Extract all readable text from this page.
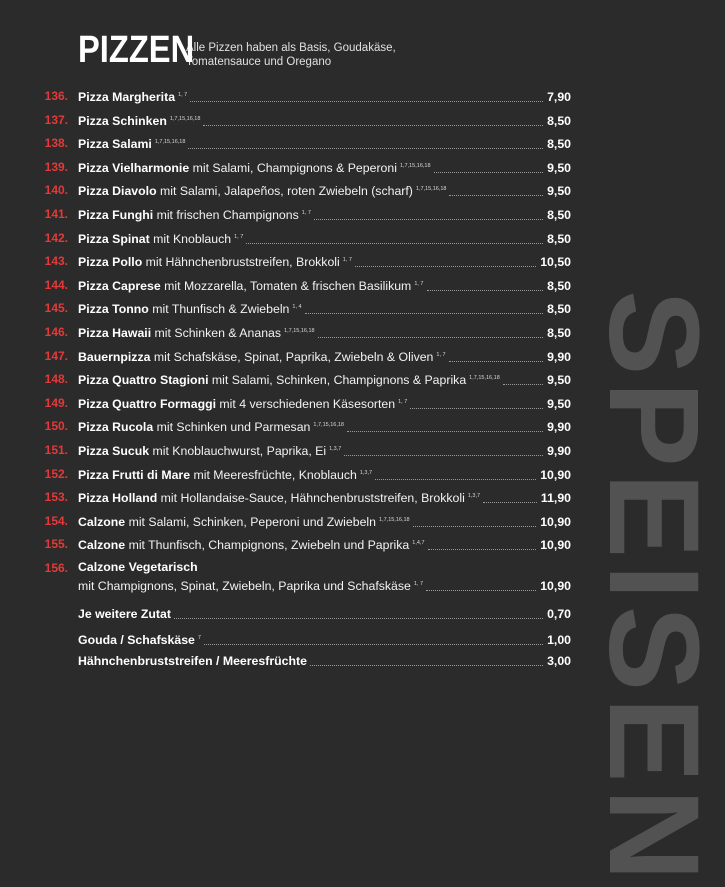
PIZZEN
Alle Pizzen haben als Basis, Goudakäse,
Tomatensauce und Oregano
SPEISEN
136. Pizza Margherita $^{1, 7}$	7,90
137. Pizza Schinken $^{1,7,15,16,18}$	8,50
138. Pizza Salami $^{1,7,15,16,18}$	8,50
139. Pizza Vielharmonie mit Salami, Champignons & Peperoni $^{1,7,15,16,18}$	9,50
140. Pizza Diavolo mit Salami, Jalapeños, roten Zwiebeln (scharf) $^{1,7,15,16,18}$	9,50
141. Pizza Funghi mit frischen Champignons $^{1, 7}$	8,50
142. Pizza Spinat mit Knoblauch $^{1, 7}$	8,50
143. Pizza Pollo mit Hähnchenbruststreifen, Brokkoli $^{1, 7}$	10,50
144. Pizza Caprese mit Mozzarella, Tomaten & frischen Basilikum $^{1, 7}$	8,50
145. Pizza Tonno mit Thunfisch & Zwiebeln $^{1, 4}$	8,50
146. Pizza Hawaii mit Schinken & Ananas $^{1,7,15,16,18}$	8,50
147. Bauernpizza mit Schafskäse, Spinat, Paprika, Zwiebeln & Oliven $^{1, 7}$	9,90
148. Pizza Quattro Stagioni mit Salami, Schinken, Champignons & Paprika $^{1,7,15,16,18}$	9,50
149. Pizza Quattro Formaggi mit 4 verschiedenen Käsesorten $^{1, 7}$	9,50
150. Pizza Rucola mit Schinken und Parmesan $^{1,7,15,16,18}$	9,90
151. Pizza Sucuk mit Knoblauchwurst, Paprika, Ei $^{1,3,7}$	9,90
152. Pizza Frutti di Mare mit Meeresfrüchte, Knoblauch $^{1,3,7}$	10,90
153. Pizza Holland mit Hollandaise-Sauce, Hähnchenbruststreifen, Brokkoli $^{1,3,7}$	11,90
154. Calzone mit Salami, Schinken, Peperoni und Zwiebeln $^{1,7,15,16,18}$	10,90
155. Calzone mit Thunfisch, Champignons, Zwiebeln und Paprika $^{1,4,7}$	10,90
156. Calzone Vegetarisch
mit Champignons, Spinat, Zwiebeln, Paprika und Schafskäse $^{1, 7}$	10,90
Je weitere Zutat	0,70
Gouda / Schafskäse $^7$	1,00
Hähnchenbruststreifen / Meeresfrüchte	3,00
